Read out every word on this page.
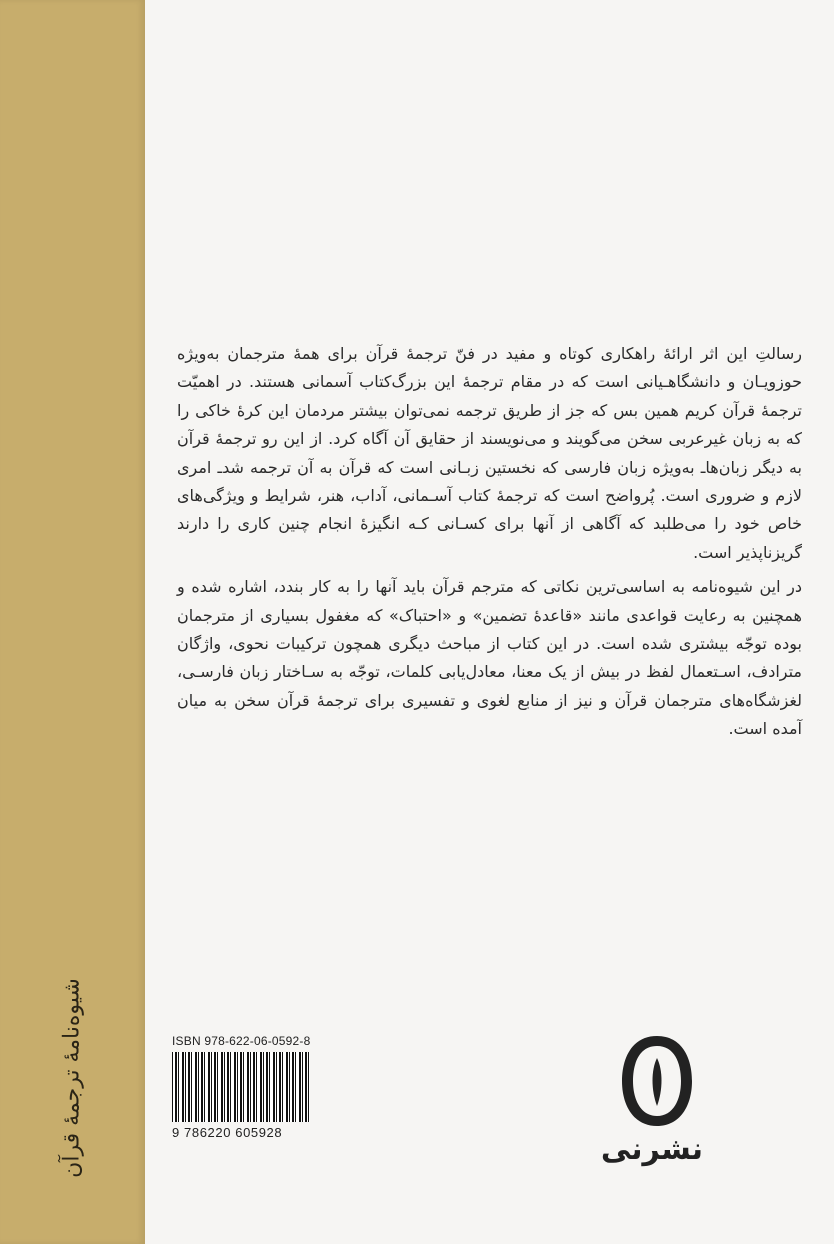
شیوه‌نامهٔ ترجمهٔ قرآن

رسالتِ این اثر ارائهٔ راهکاری کوتاه و مفید در فنّ ترجمهٔ قرآن برای همهٔ مترجمان به‌ویژه حوزویـان و دانشگاهـیانی است که در مقام ترجمهٔ این بزرگ‌کتاب آسمانی هستند. در اهمیّت ترجمهٔ قرآن کریم همین بس که جز از طریق ترجمه نمی‌توان بیشتر مردمان این کرهٔ خاکی را که به زبان غیرعربی سخن می‌گویند و می‌نویسند از حقایق آن آگاه کرد. از این رو ترجمهٔ قرآن به دیگر زبان‌هاـ به‌ویژه زبان فارسی که نخستین زبـانی است که قرآن به آن ترجمه شدـ امری لازم و ضروری است. پُرواضح است که ترجمهٔ کتاب آسـمانی، آداب، هنر، شرایط و ویژگی‌های خاص خود را می‌طلبد که آگاهی از آنها برای کسـانی کـه انگیزهٔ انجام چنین کاری را دارند گریزناپذیر است.

در این شیوه‌نامه به اساسی‌ترین نکاتی که مترجم قرآن باید آنها را به کار بندد، اشاره شده و همچنین به رعایت قواعدی مانند «قاعدهٔ تضمین» و «احتباک» که مغفول بسیاری از مترجمان بوده توجّه بیشتری شده است. در این کتاب از مباحث دیگری همچون ترکیبات نحوی، واژگان مترادف، اسـتعمال لفظ در بیش از یک معنا، معادل‌یابی کلمات، توجّه به سـاختار زبان فارسـی، لغزشگاه‌های مترجمان قرآن و نیز از منابع لغوی و تفسیری برای ترجمهٔ قرآن سخن به میان آمده است.

ISBN 978-622-06-0592-8
9 786220 605928	نشرنی
